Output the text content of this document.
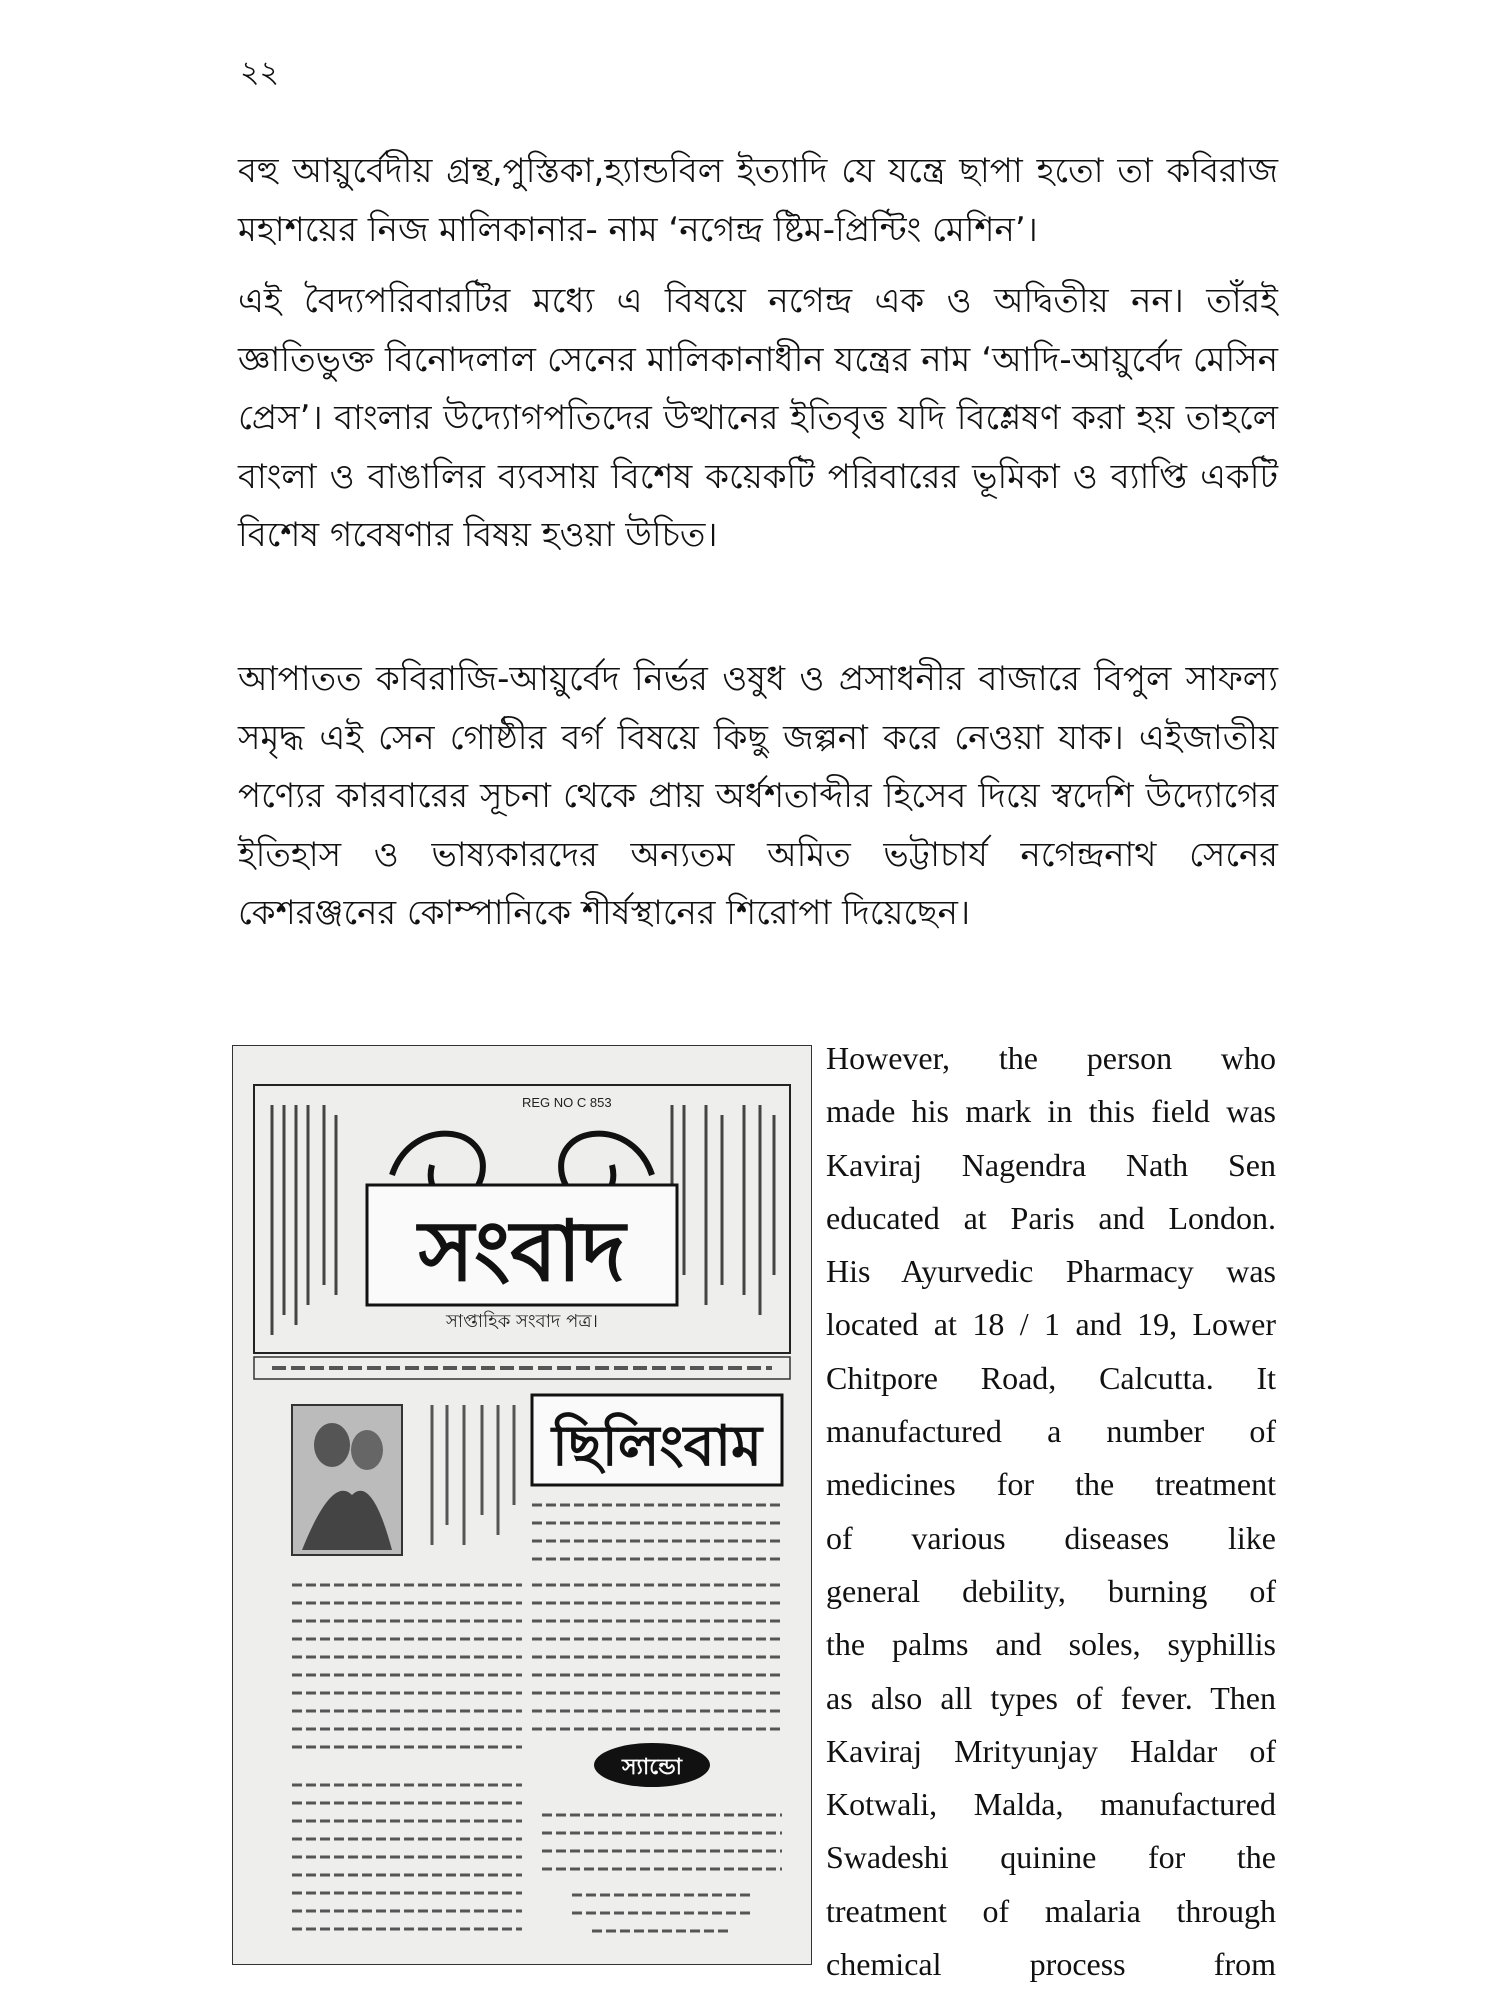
২২

বহু আয়ুর্বেদীয় গ্রন্থ,পুস্তিকা,হ্যান্ডবিল ইত্যাদি যে যন্ত্রে ছাপা হতো তা কবিরাজ মহাশয়ের নিজ মালিকানার- নাম ‘নগেন্দ্র ষ্টিম-প্রিন্টিং মেশিন’।

এই বৈদ্যপরিবারটির মধ্যে এ বিষয়ে নগেন্দ্র এক ও অদ্বিতীয় নন। তাঁরই জ্ঞাতিভুক্ত বিনোদলাল সেনের মালিকানাধীন যন্ত্রের নাম ‘আদি-আয়ুর্বেদ মেসিন প্রেস’। বাংলার উদ্যোগপতিদের উত্থানের ইতিবৃত্ত যদি বিশ্লেষণ করা হয় তাহলে বাংলা ও বাঙালির ব্যবসায় বিশেষ কয়েকটি পরিবারের ভূমিকা ও ব্যাপ্তি একটি বিশেষ গবেষণার বিষয় হওয়া উচিত।

আপাতত কবিরাজি-আয়ুর্বেদ নির্ভর ওষুধ ও প্রসাধনীর বাজারে বিপুল সাফল্য সমৃদ্ধ এই সেন গোষ্ঠীর বর্গ বিষয়ে কিছু জল্পনা করে নেওয়া যাক। এইজাতীয় পণ্যের কারবারের সূচনা থেকে প্রায় অর্ধশতাব্দীর হিসেব দিয়ে স্বদেশি উদ্যোগের ইতিহাস ও ভাষ্যকারদের অন্যতম অমিত ভট্টাচার্য নগেন্দ্রনাথ সেনের কেশরঞ্জনের কোম্পানিকে শীর্ষস্থানের শিরোপা দিয়েছেন।

REG NO C 853
সংবাদ
সাপ্তাহিক সংবাদ পত্র।
ছিলিংবাম
স্যান্ডো
However, the person who
made his mark in this field was
Kaviraj Nagendra Nath Sen
educated at Paris and London.
His Ayurvedic Pharmacy was
located at 18 / 1 and 19, Lower
Chitpore Road, Calcutta. It
manufactured a number of
medicines for the treatment
of various diseases like
general debility, burning of
the palms and soles, syphillis
as also all types of fever. Then
Kaviraj Mrityunjay Haldar of
Kotwali, Malda, manufactured
Swadeshi quinine for the
treatment of malaria through
chemical process from
